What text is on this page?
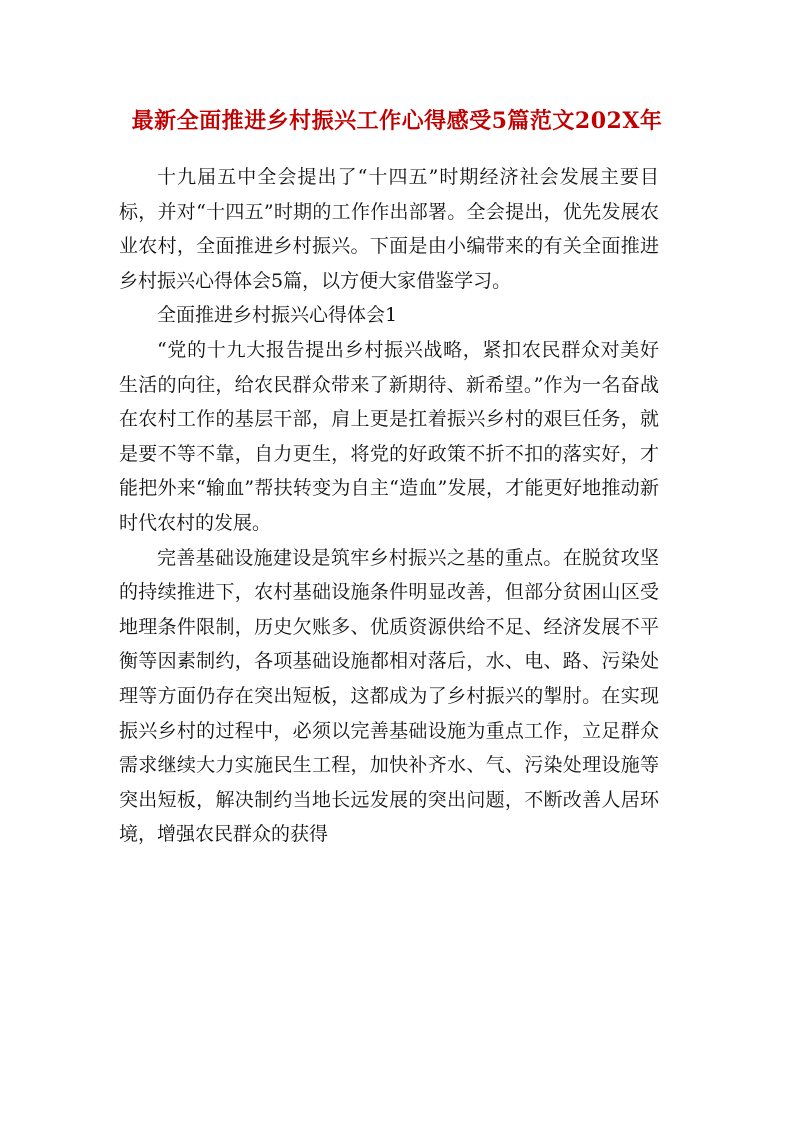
最新全面推进乡村振兴工作心得感受5篇范文202X年

十九届五中全会提出了“十四五”时期经济社会发展主要目标，并对“十四五”时期的工作作出部署。全会提出，优先发展农业农村，全面推进乡村振兴。下面是由小编带来的有关全面推进乡村振兴心得体会5篇，以方便大家借鉴学习。

全面推进乡村振兴心得体会1

“党的十九大报告提出乡村振兴战略，紧扣农民群众对美好生活的向往，给农民群众带来了新期待、新希望。”作为一名奋战在农村工作的基层干部，肩上更是扛着振兴乡村的艰巨任务，就是要不等不靠，自力更生，将党的好政策不折不扣的落实好，才能把外来“输血”帮扶转变为自主“造血”发展，才能更好地推动新时代农村的发展。

完善基础设施建设是筑牢乡村振兴之基的重点。在脱贫攻坚的持续推进下，农村基础设施条件明显改善，但部分贫困山区受地理条件限制，历史欠账多、优质资源供给不足、经济发展不平衡等因素制约，各项基础设施都相对落后，水、电、路、污染处理等方面仍存在突出短板，这都成为了乡村振兴的掣肘。在实现振兴乡村的过程中，必须以完善基础设施为重点工作，立足群众需求继续大力实施民生工程，加快补齐水、气、污染处理设施等突出短板，解决制约当地长远发展的突出问题，不断改善人居环境，增强农民群众的获得
